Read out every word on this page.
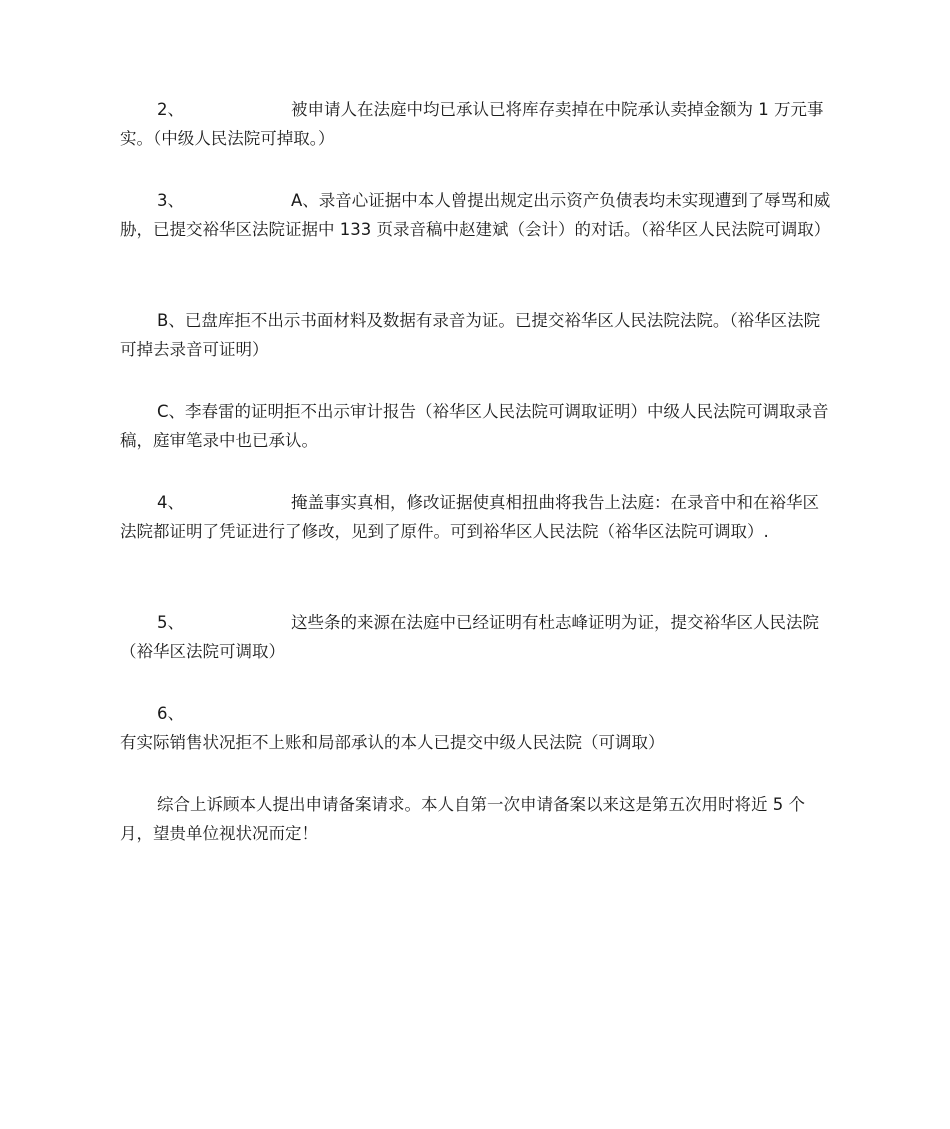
2、	被申请人在法庭中均已承认已将库存卖掉在中院承认卖掉金额为 1 万元事实。（中级人民法院可掉取。）

3、	A、录音心证据中本人曾提出规定出示资产负债表均未实现遭到了辱骂和威胁，已提交裕华区法院证据中 133 页录音稿中赵建斌（会计）的对话。（裕华区人民法院可调取）

B、已盘库拒不出示书面材料及数据有录音为证。已提交裕华区人民法院法院。（裕华区法院可掉去录音可证明）

C、李春雷的证明拒不出示审计报告（裕华区人民法院可调取证明）中级人民法院可调取录音稿，庭审笔录中也已承认。

4、	掩盖事实真相，修改证据使真相扭曲将我告上法庭：在录音中和在裕华区法院都证明了凭证进行了修改，见到了原件。可到裕华区人民法院（裕华区法院可调取）.

5、	这些条的来源在法庭中已经证明有杜志峰证明为证，提交裕华区人民法院（裕华区法院可调取）

6、有实际销售状况拒不上账和局部承认的本人已提交中级人民法院（可调取）

综合上诉顾本人提出申请备案请求。本人自第一次申请备案以来这是第五次用时将近 5 个月，望贵单位视状况而定！
